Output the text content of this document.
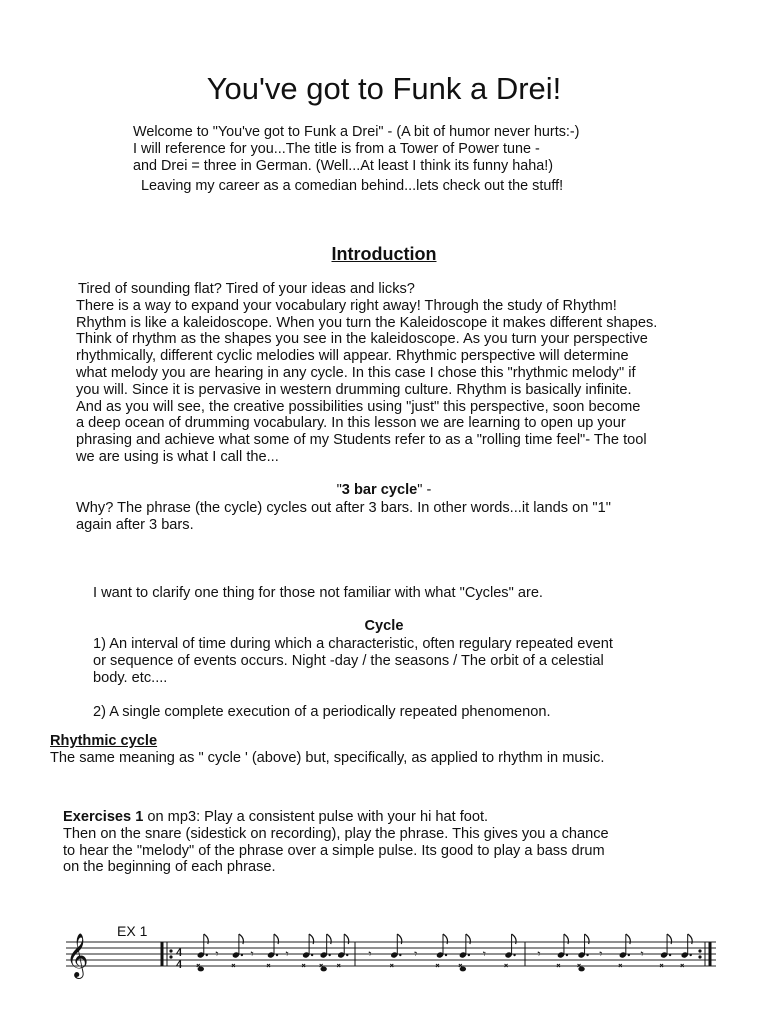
You've got to Funk a Drei!
Welcome to "You've got to Funk a Drei" - (A bit of humor never hurts:-)
I will reference for you...The title is from a Tower of Power tune -
and Drei = three in German. (Well...At least I think its funny haha!)
Leaving my career as a comedian behind...lets check out the stuff!
Introduction
Tired of sounding flat? Tired of your ideas and licks?
There is a way to expand your vocabulary right away! Through the study of Rhythm!
Rhythm is like a kaleidoscope. When you turn the Kaleidoscope it makes different shapes.
Think of rhythm as the shapes you see in the kaleidoscope. As you turn your perspective
rhythmically, different cyclic melodies will appear. Rhythmic perspective will determine
what melody you are hearing in any cycle. In this case I chose this "rhythmic melody" if
you will. Since it is pervasive in western drumming culture. Rhythm is basically infinite.
And as you will see, the creative possibilities using "just" this perspective, soon become
a deep ocean of drumming vocabulary. In this lesson we are learning to open up your
phrasing and achieve what some of my Students refer to as a "rolling time feel"- The tool
we are using is what I call the...
"3 bar cycle" -
Why? The phrase (the cycle) cycles out after 3 bars. In other words...it lands on "1"
again after 3 bars.
I want to clarify one thing for those not familiar with what "Cycles" are.
Cycle
1) An interval of time during which a characteristic, often regulary repeated event
or sequence of events occurs. Night -day / the seasons / The orbit of a celestial
body. etc....
2) A single complete execution of a periodically repeated phenomenon.
Rhythmic cycle
The same meaning as " cycle ' (above) but, specifically, as applied to rhythm in music.
Exercises 1 on mp3: Play a consistent pulse with your hi hat foot.
Then on the snare (sidestick on recording), play the phrase. This gives you a chance
to hear the "melody" of the phrase over a simple pulse. Its good to play a bass drum
on the beginning of each phrase.
EX 1
𝄞	4
4
𝄾	𝄾	𝄾	𝄾	𝄾	𝄾	𝄾	𝄾	𝄾
